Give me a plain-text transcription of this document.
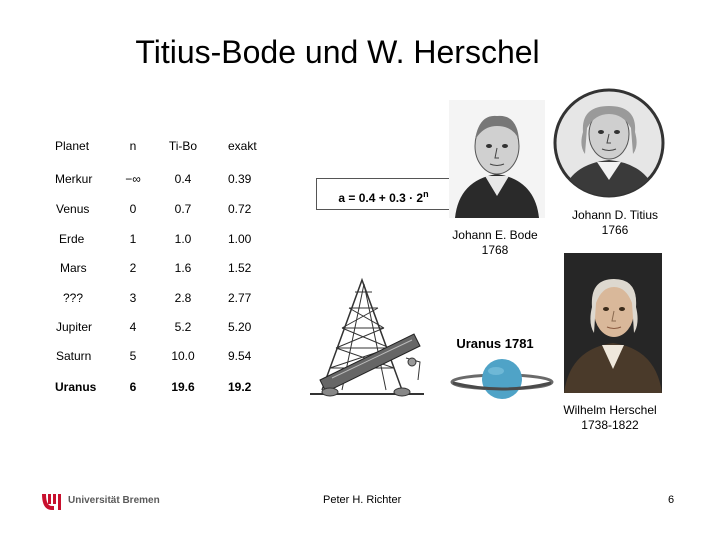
Titius-Bode und W. Herschel
Planet	n	Ti-Bo	exakt
Merkur	−∞	0.4	0.39
Venus	0	0.7	0.72
Erde	1	1.0	1.00
Mars	2	1.6	1.52
???	3	2.8	2.77
Jupiter	4	5.2	5.20
Saturn	5	10.0	9.54
Uranus	6	19.6	19.2
$a = 0.4 + 0.3 \cdot 2^n$
Johann D. Titius
1766
Johann E. Bode
1768
Uranus 1781
Wilhelm Herschel
1738-1822
Universität Bremen	Peter H. Richter	6
